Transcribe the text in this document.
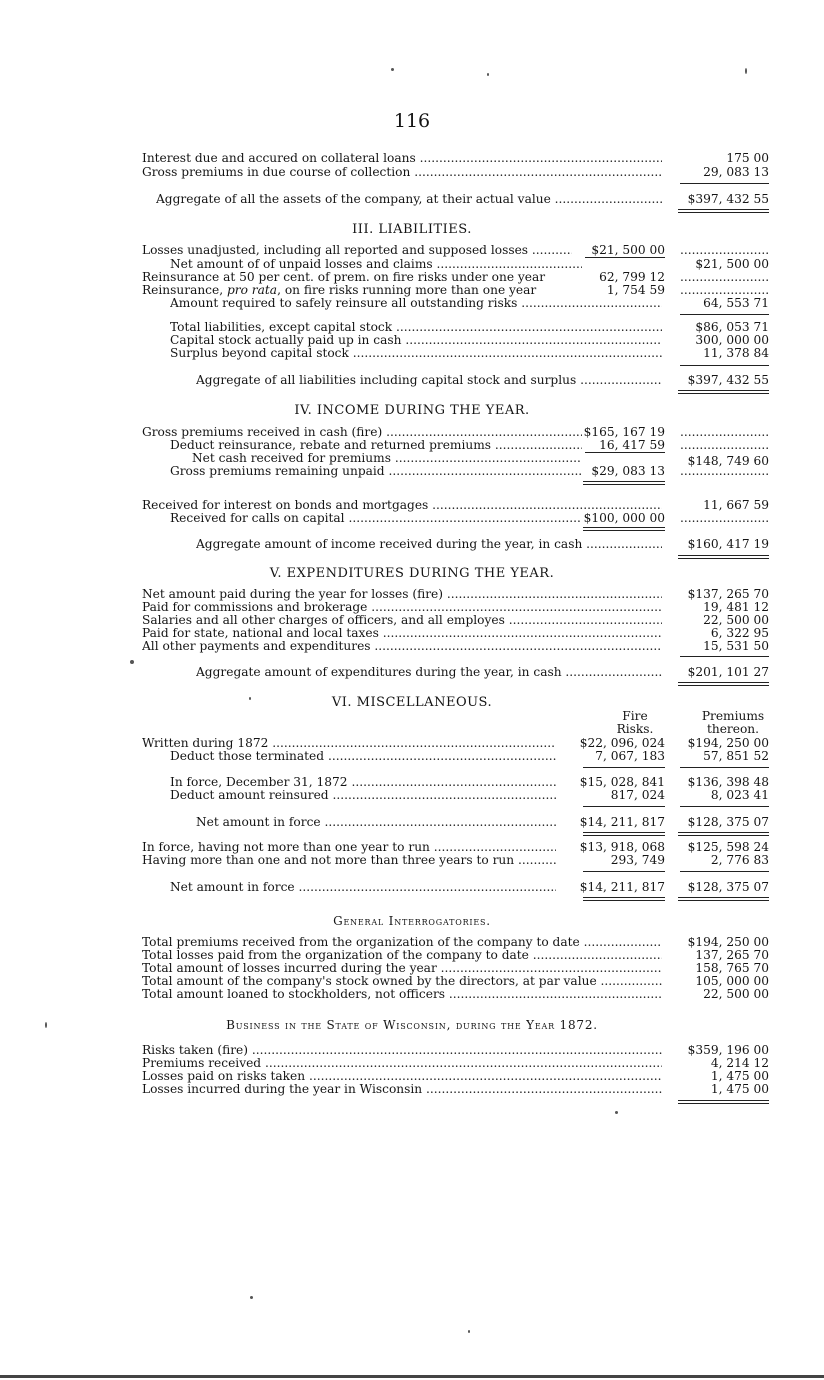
116
Interest due and accured on collateral loans .....	175 00
Gross premiums in due course of collection .....	29, 083 13
Aggregate of all the assets of the company, at their actual value .....	$397, 432 55
III. LIABILITIES.
Losses unadjusted, including all reported and supposed losses .....	$21, 500 00
.....
Net amount of of unpaid losses and claims .....	$21, 500 00
Reinsurance at 50 per cent. of prem. on fire risks under one year	62, 799 12
.....
Reinsurance, pro rata, on fire risks running more than one year	1, 754 59
.....
Amount required to safely reinsure all outstanding risks .....	64, 553 71
Total liabilities, except capital stock .....	$86, 053 71
Capital stock actually paid up in cash .....	300, 000 00
Surplus beyond capital stock .....	11, 378 84
Aggregate of all liabilities including capital stock and surplus .....	$397, 432 55
IV. INCOME DURING THE YEAR.
Gross premiums received in cash (fire) .....	$165, 167 19
.....
Deduct reinsurance, rebate and returned premiums .....	16, 417 59
.....
Net cash received for premiums .....	$148, 749 60
Gross premiums remaining unpaid .....	$29, 083 13
.....
Received for interest on bonds and mortgages .....	11, 667 59
Received for calls on capital .....	$100, 000 00
.....
Aggregate amount of income received during the year, in cash .....	$160, 417 19
V. EXPENDITURES DURING THE YEAR.
Net amount paid during the year for losses (fire) .....	$137, 265 70
Paid for commissions and brokerage .....	19, 481 12
Salaries and all other charges of officers, and all employes .....	22, 500 00
Paid for state, national and local taxes .....	6, 322 95
All other payments and expenditures .....	15, 531 50
Aggregate amount of expenditures during the year, in cash .....	$201, 101 27
VI. MISCELLANEOUS.
Fire
Risks.
Premiums
thereon.
Written during 1872 .....	$22, 096, 024	$194, 250 00
Deduct those terminated .....	7, 067, 183	57, 851 52
In force, December 31, 1872 .....	$15, 028, 841	$136, 398 48
Deduct amount reinsured .....	817, 024	8, 023 41
Net amount in force .....	$14, 211, 817	$128, 375 07
In force, having not more than one year to run .....	$13, 918, 068	$125, 598 24
Having more than one and not more than three years to run .....	293, 749	2, 776 83
Net amount in force .....	$14, 211, 817	$128, 375 07
General Interrogatories.
Total premiums received from the organization of the company to date .....	$194, 250 00
Total losses paid from the organization of the company to date .....	137, 265 70
Total amount of losses incurred during the year .....	158, 765 70
Total amount of the company's stock owned by the directors, at par value .....	105, 000 00
Total amount loaned to stockholders, not officers .....	22, 500 00
Business in the State of Wisconsin, during the Year 1872.
Risks taken (fire) .....	$359, 196 00
Premiums received .....	4, 214 12
Losses paid on risks taken .....	1, 475 00
Losses incurred during the year in Wisconsin .....	1, 475 00
